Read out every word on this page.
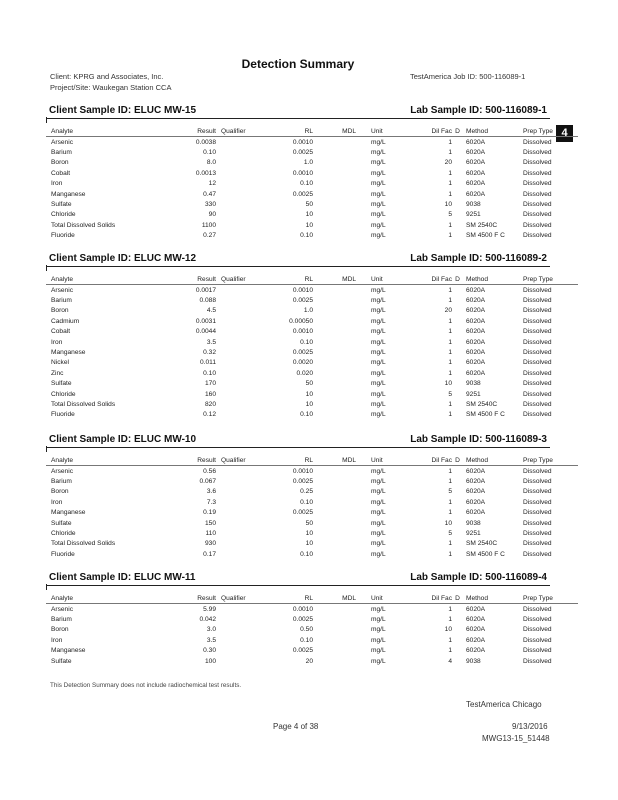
Detection Summary
Client: KPRG and Associates, Inc.
Project/Site: Waukegan Station CCA
TestAmerica Job ID: 500-116089-1
4
Client Sample ID: ELUC MW-15	Lab Sample ID: 500-116089-1
Analyte	Result	Qualifier	RL	MDL	Unit	Dil Fac	D	Method	Prep Type
Arsenic	0.0038		0.0010		mg/L	1		6020A	Dissolved
Barium	0.10		0.0025		mg/L	1		6020A	Dissolved
Boron	8.0		1.0		mg/L	20		6020A	Dissolved
Cobalt	0.0013		0.0010		mg/L	1		6020A	Dissolved
Iron	12		0.10		mg/L	1		6020A	Dissolved
Manganese	0.47		0.0025		mg/L	1		6020A	Dissolved
Sulfate	330		50		mg/L	10		9038	Dissolved
Chloride	90		10		mg/L	5		9251	Dissolved
Total Dissolved Solids	1100		10		mg/L	1		SM 2540C	Dissolved
Fluoride	0.27		0.10		mg/L	1		SM 4500 F C	Dissolved
Client Sample ID: ELUC MW-12	Lab Sample ID: 500-116089-2
Analyte	Result	Qualifier	RL	MDL	Unit	Dil Fac	D	Method	Prep Type
Arsenic	0.0017		0.0010		mg/L	1		6020A	Dissolved
Barium	0.088		0.0025		mg/L	1		6020A	Dissolved
Boron	4.5		1.0		mg/L	20		6020A	Dissolved
Cadmium	0.0031		0.00050		mg/L	1		6020A	Dissolved
Cobalt	0.0044		0.0010		mg/L	1		6020A	Dissolved
Iron	3.5		0.10		mg/L	1		6020A	Dissolved
Manganese	0.32		0.0025		mg/L	1		6020A	Dissolved
Nickel	0.011		0.0020		mg/L	1		6020A	Dissolved
Zinc	0.10		0.020		mg/L	1		6020A	Dissolved
Sulfate	170		50		mg/L	10		9038	Dissolved
Chloride	160		10		mg/L	5		9251	Dissolved
Total Dissolved Solids	820		10		mg/L	1		SM 2540C	Dissolved
Fluoride	0.12		0.10		mg/L	1		SM 4500 F C	Dissolved
Client Sample ID: ELUC MW-10	Lab Sample ID: 500-116089-3
Analyte	Result	Qualifier	RL	MDL	Unit	Dil Fac	D	Method	Prep Type
Arsenic	0.56		0.0010		mg/L	1		6020A	Dissolved
Barium	0.067		0.0025		mg/L	1		6020A	Dissolved
Boron	3.6		0.25		mg/L	5		6020A	Dissolved
Iron	7.3		0.10		mg/L	1		6020A	Dissolved
Manganese	0.19		0.0025		mg/L	1		6020A	Dissolved
Sulfate	150		50		mg/L	10		9038	Dissolved
Chloride	110		10		mg/L	5		9251	Dissolved
Total Dissolved Solids	930		10		mg/L	1		SM 2540C	Dissolved
Fluoride	0.17		0.10		mg/L	1		SM 4500 F C	Dissolved
Client Sample ID: ELUC MW-11	Lab Sample ID: 500-116089-4
Analyte	Result	Qualifier	RL	MDL	Unit	Dil Fac	D	Method	Prep Type
Arsenic	5.99		0.0010		mg/L	1		6020A	Dissolved
Barium	0.042		0.0025		mg/L	1		6020A	Dissolved
Boron	3.0		0.50		mg/L	10		6020A	Dissolved
Iron	3.5		0.10		mg/L	1		6020A	Dissolved
Manganese	0.30		0.0025		mg/L	1		6020A	Dissolved
Sulfate	100		20		mg/L	4		9038	Dissolved
This Detection Summary does not include radiochemical test results.
TestAmerica Chicago
Page 4 of 38	9/13/2016
MWG13-15_51448
